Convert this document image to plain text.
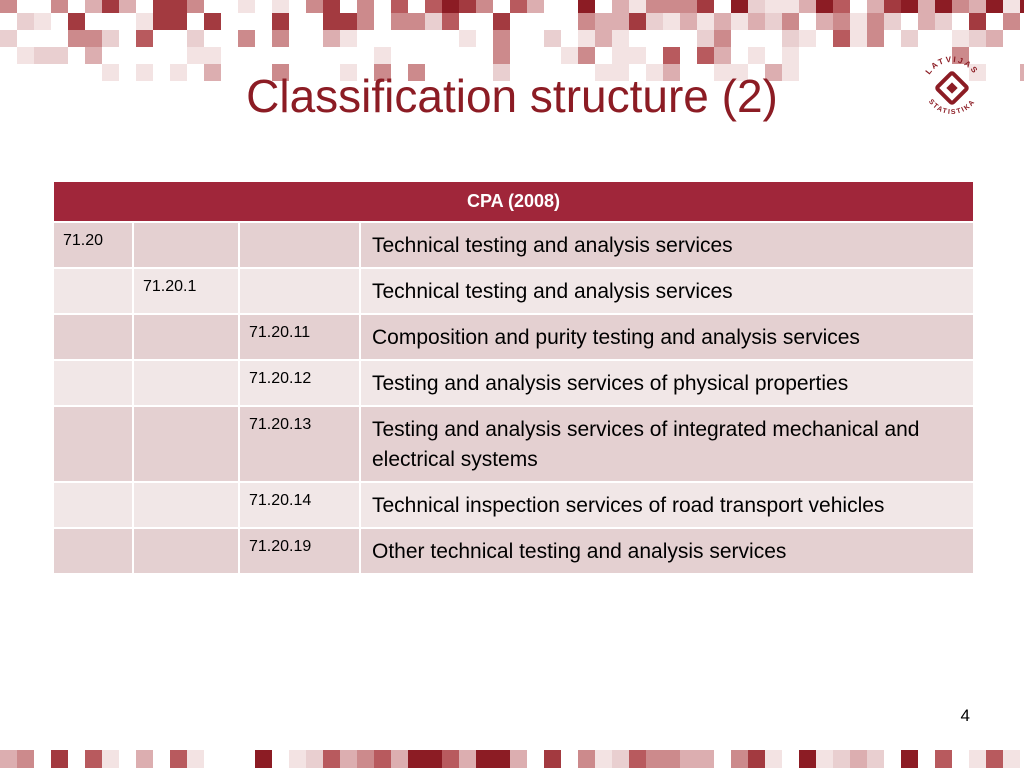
Classification structure (2)	LATVIJAS
STATISTIKA
CPA (2008)			

71.20			Technical testing and analysis services

	71.20.1		Technical testing and analysis services

		71.20.11	Composition and purity testing and analysis services

		71.20.12	Testing and analysis services of physical properties

		71.20.13	Testing and analysis services of integrated mechanical and electrical systems

		71.20.14	Technical inspection services of road transport vehicles

		71.20.19	Other technical testing and analysis services
4
